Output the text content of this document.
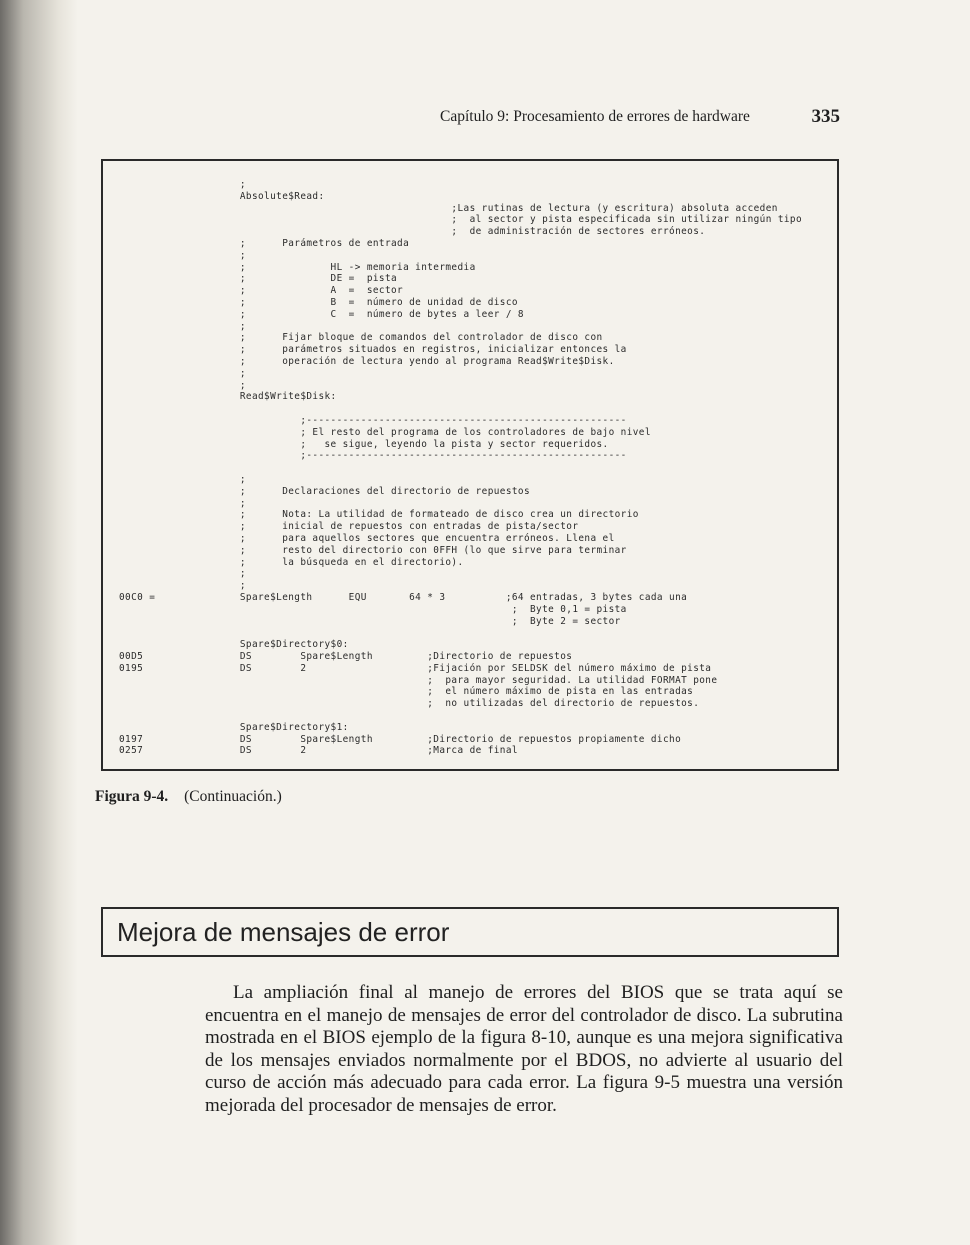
Capítulo 9: Procesamiento de errores de hardware	335
;
Absolute$Read:
;Las rutinas de lectura (y escritura) absoluta acceden
;  al sector y pista especificada sin utilizar ningún tipo
;  de administración de sectores erróneos.
;      Parámetros de entrada
;
;              HL -> memoria intermedia
;              DE =  pista
;              A  =  sector
;              B  =  número de unidad de disco
;              C  =  número de bytes a leer / 8
;
;      Fijar bloque de comandos del controlador de disco con
;      parámetros situados en registros, inicializar entonces la
;      operación de lectura yendo al programa Read$Write$Disk.
;
;
Read$Write$Disk:
;-----------------------------------------------------
; El resto del programa de los controladores de bajo nivel
;   se sigue, leyendo la pista y sector requeridos.
;-----------------------------------------------------
;
;      Declaraciones del directorio de repuestos
;
;      Nota: La utilidad de formateado de disco crea un directorio
;      inicial de repuestos con entradas de pista/sector
;      para aquellos sectores que encuentra erróneos. Llena el
;      resto del directorio con 0FFH (lo que sirve para terminar
;      la búsqueda en el directorio).
;
;
00C0 =              Spare$Length      EQU       64 * 3          ;64 entradas, 3 bytes cada una
;  Byte 0,1 = pista
;  Byte 2 = sector
Spare$Directory$0:
00D5                DS        Spare$Length         ;Directorio de repuestos
0195                DS        2                    ;Fijación por SELDSK del número máximo de pista
;  para mayor seguridad. La utilidad FORMAT pone
;  el número máximo de pista en las entradas
;  no utilizadas del directorio de repuestos.
Spare$Directory$1:
0197                DS        Spare$Length         ;Directorio de repuestos propiamente dicho
0257                DS        2                    ;Marca de final
Figura 9-4. (Continuación.)
Mejora de mensajes de error
La ampliación final al manejo de errores del BIOS que se trata aquí se encuentra en el manejo de mensajes de error del controlador de disco. La subrutina mostrada en el BIOS ejemplo de la figura 8-10, aunque es una mejora significativa de los mensajes enviados normalmente por el BDOS, no advierte al usuario del curso de acción más adecuado para cada error. La figura 9-5 muestra una versión mejorada del procesador de mensajes de error.
